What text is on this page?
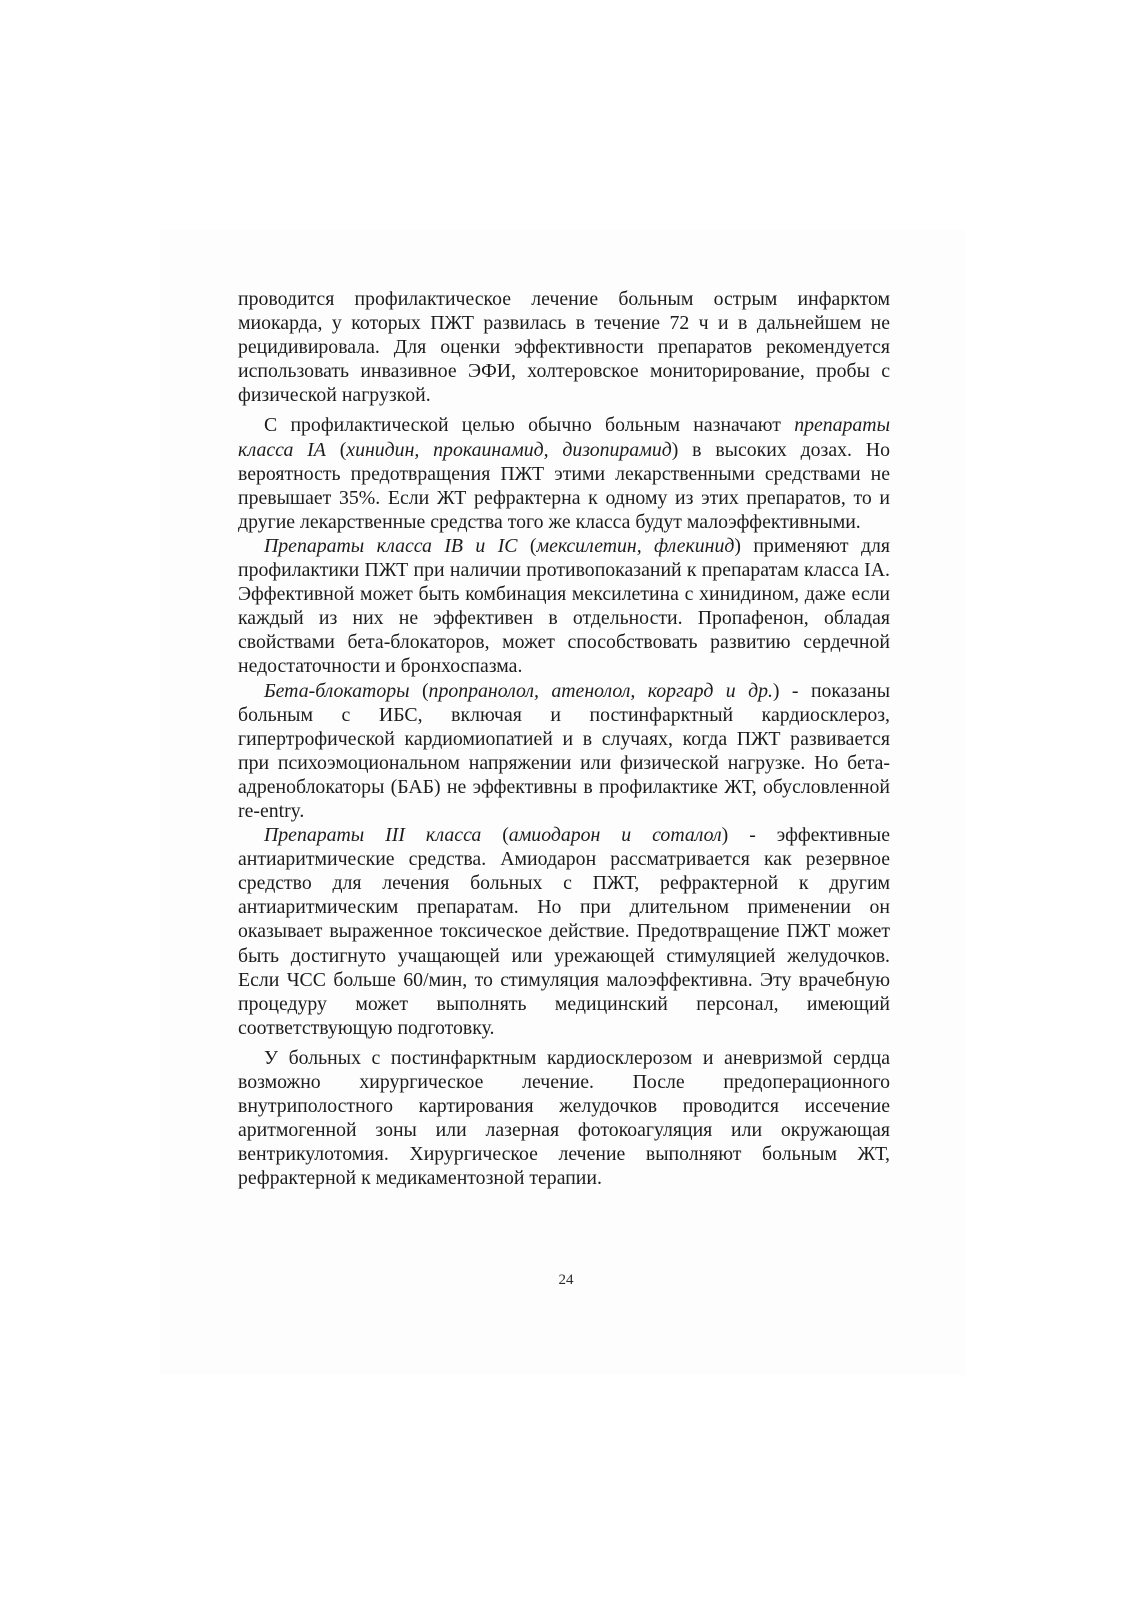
проводится профилактическое лечение больным острым инфарктом миокарда, у которых ПЖТ развилась в течение 72 ч и в дальнейшем не рецидивировала. Для оценки эффективности препаратов рекомендуется использовать инвазивное ЭФИ, холтеровское мониторирование, пробы с физической нагрузкой.

С профилактической целью обычно больным назначают препараты класса IA (хинидин, прокаинамид, дизопирамид) в высоких дозах. Но вероятность предотвращения ПЖТ этими лекарственными средствами не превышает 35%. Если ЖТ рефрактерна к одному из этих препаратов, то и другие лекарственные средства того же класса будут малоэффективными.

Препараты класса IB и IC (мексилетин, флекинид) применяют для профилактики ПЖТ при наличии противопоказаний к препаратам класса IA. Эффективной может быть комбинация мексилетина с хинидином, даже если каждый из них не эффективен в отдельности. Пропафенон, обладая свойствами бета-блокаторов, может способствовать развитию сердечной недостаточности и бронхоспазма.

Бета-блокаторы (пропранолол, атенолол, коргард и др.) - показаны больным с ИБС, включая и постинфарктный кардиосклероз, гипертрофической кардиомиопатией и в случаях, когда ПЖТ развивается при психоэмоциональном напряжении или физической нагрузке. Но бета-адреноблокаторы (БАБ) не эффективны в профилактике ЖТ, обусловленной re-entry.

Препараты III класса (амиодарон и соталол) - эффективные антиаритмические средства. Амиодарон рассматривается как резервное средство для лечения больных с ПЖТ, рефрактерной к другим антиаритмическим препаратам. Но при длительном применении он оказывает выраженное токсическое действие. Предотвращение ПЖТ может быть достигнуто учащающей или урежающей стимуляцией желудочков. Если ЧСС больше 60/мин, то стимуляция малоэффективна. Эту врачебную процедуру может выполнять медицинский персонал, имеющий соответствующую подготовку.

У больных с постинфарктным кардиосклерозом и аневризмой сердца возможно хирургическое лечение. После предоперационного внутриполостного картирования желудочков проводится иссечение аритмогенной зоны или лазерная фотокоагуляция или окружающая вентрикулотомия. Хирургическое лечение выполняют больным ЖТ, рефрактерной к медикаментозной терапии.

24
